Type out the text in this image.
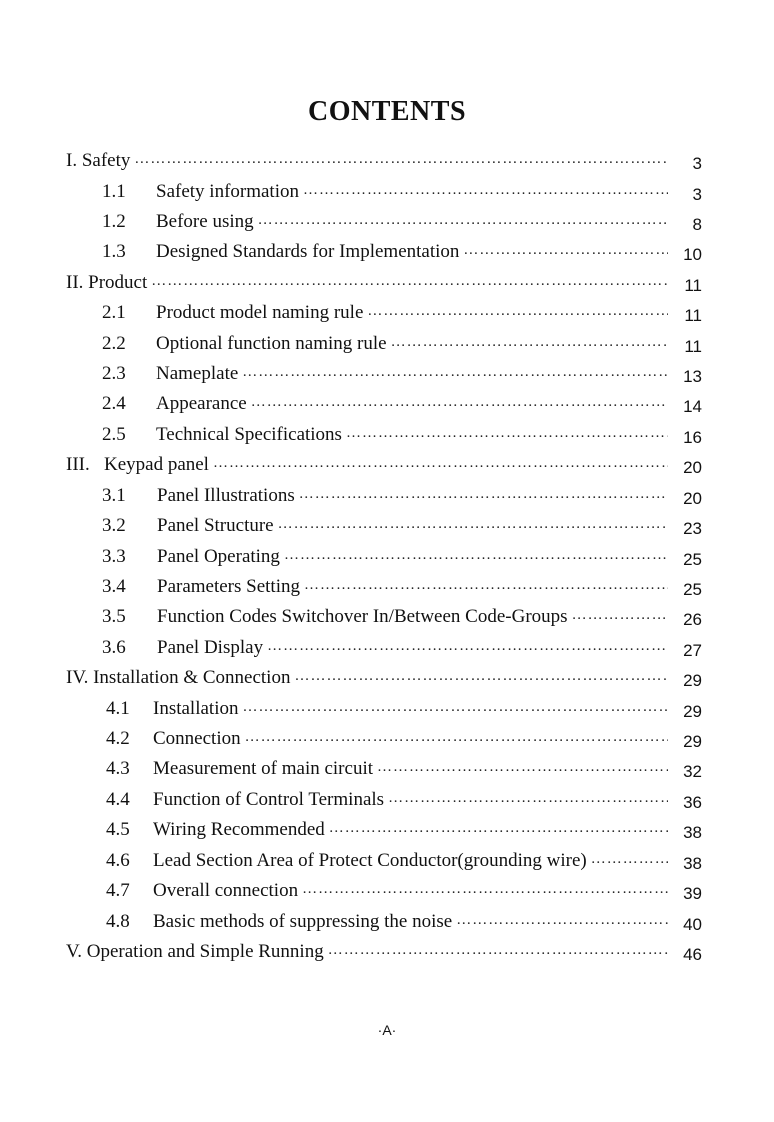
CONTENTS
I. Safety …………………………………………………………………………………………………………………………………………………………………	3
1.1	Safety information …………………………………………………………………………………………………………………………………………………………………	3
1.2	Before using …………………………………………………………………………………………………………………………………………………………………	8
1.3	Designed Standards for Implementation …………………………………………………………………………………………………………………………………………………………………	10
II. Product …………………………………………………………………………………………………………………………………………………………………	11
2.1	Product model naming rule …………………………………………………………………………………………………………………………………………………………………	11
2.2	Optional function naming rule …………………………………………………………………………………………………………………………………………………………………	11
2.3	Nameplate …………………………………………………………………………………………………………………………………………………………………	13
2.4	Appearance …………………………………………………………………………………………………………………………………………………………………	14
2.5	Technical Specifications …………………………………………………………………………………………………………………………………………………………………	16
III.   Keypad panel …………………………………………………………………………………………………………………………………………………………………	20
3.1	Panel Illustrations …………………………………………………………………………………………………………………………………………………………………	20
3.2	Panel Structure …………………………………………………………………………………………………………………………………………………………………	23
3.3	Panel Operating …………………………………………………………………………………………………………………………………………………………………	25
3.4	Parameters Setting …………………………………………………………………………………………………………………………………………………………………	25
3.5	Function Codes Switchover In/Between Code-Groups …………………………………………………………………………………………………………………………………………………………………	26
3.6	Panel Display …………………………………………………………………………………………………………………………………………………………………	27
IV. Installation & Connection …………………………………………………………………………………………………………………………………………………………………	29
4.1	Installation …………………………………………………………………………………………………………………………………………………………………	29
4.2	Connection …………………………………………………………………………………………………………………………………………………………………	29
4.3	Measurement of main circuit …………………………………………………………………………………………………………………………………………………………………	32
4.4	Function of Control Terminals …………………………………………………………………………………………………………………………………………………………………	36
4.5	Wiring Recommended …………………………………………………………………………………………………………………………………………………………………	38
4.6	Lead Section Area of Protect Conductor(grounding wire) …………………………………………………………………………………………………………………………………………………………………	38
4.7	Overall connection …………………………………………………………………………………………………………………………………………………………………	39
4.8	Basic methods of suppressing the noise …………………………………………………………………………………………………………………………………………………………………	40
V. Operation and Simple Running …………………………………………………………………………………………………………………………………………………………………	46
·A·
